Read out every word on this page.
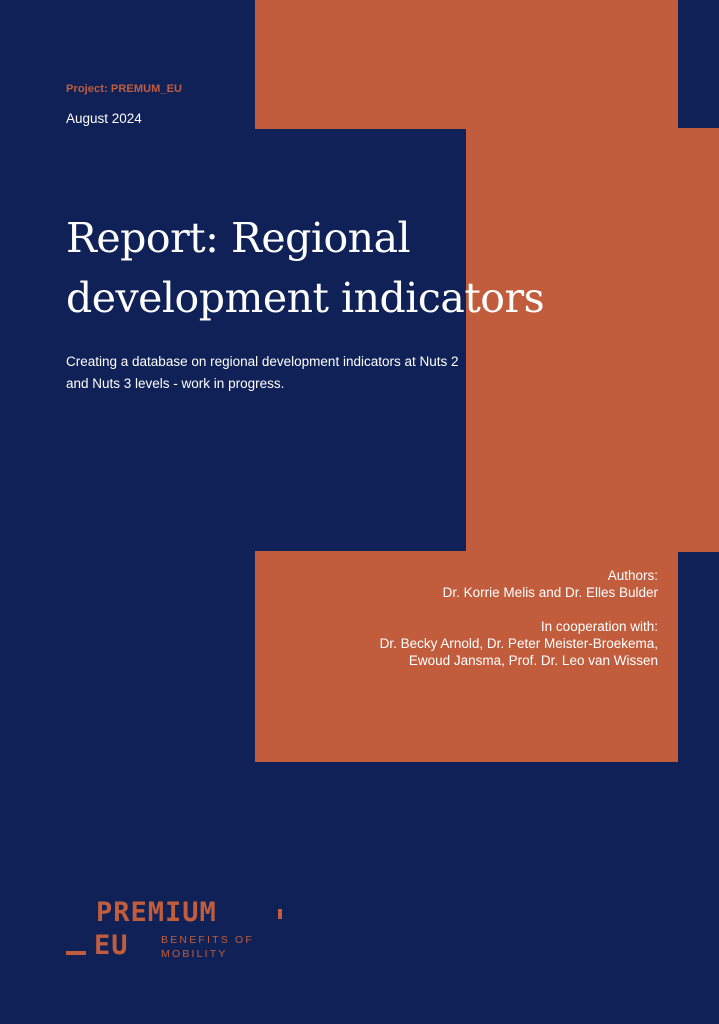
Project: PREMUM_EU
August 2024
Report: Regional
development indicators

Creating a database on regional development indicators at Nuts 2
and Nuts 3 levels - work in progress.

Authors:
Dr. Korrie Melis and Dr. Elles Bulder
In cooperation with:
Dr. Becky Arnold, Dr. Peter Meister-Broekema,
Ewoud Jansma, Prof. Dr. Leo van Wissen
PREMIUM
EU	BENEFITS OF
MOBILITY
